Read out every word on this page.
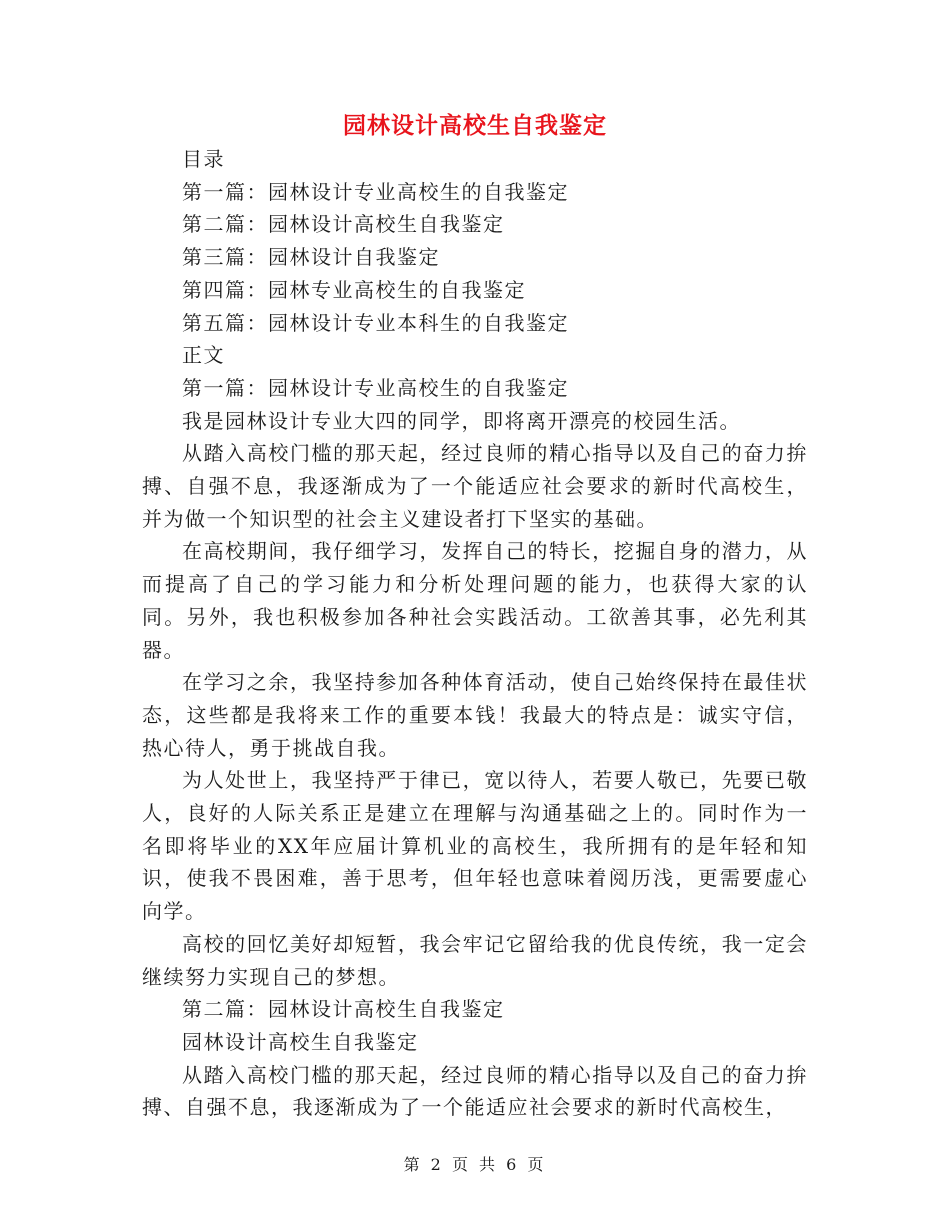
园林设计高校生自我鉴定

目录

第一篇：园林设计专业高校生的自我鉴定

第二篇：园林设计高校生自我鉴定

第三篇：园林设计自我鉴定

第四篇：园林专业高校生的自我鉴定

第五篇：园林设计专业本科生的自我鉴定

正文

第一篇：园林设计专业高校生的自我鉴定

我是园林设计专业大四的同学，即将离开漂亮的校园生活。

从踏入高校门槛的那天起，经过良师的精心指导以及自己的奋力拚搏、自强不息，我逐渐成为了一个能适应社会要求的新时代高校生，并为做一个知识型的社会主义建设者打下坚实的基础。

在高校期间，我仔细学习，发挥自己的特长，挖掘自身的潜力，从而提高了自己的学习能力和分析处理问题的能力，也获得大家的认同。另外，我也积极参加各种社会实践活动。工欲善其事，必先利其器。

在学习之余，我坚持参加各种体育活动，使自己始终保持在最佳状态，这些都是我将来工作的重要本钱！我最大的特点是：诚实守信，热心待人，勇于挑战自我。

为人处世上，我坚持严于律已，宽以待人，若要人敬已，先要已敬人，良好的人际关系正是建立在理解与沟通基础之上的。同时作为一名即将毕业的XX年应届计算机业的高校生，我所拥有的是年轻和知识，使我不畏困难，善于思考，但年轻也意味着阅历浅，更需要虚心向学。

高校的回忆美好却短暂，我会牢记它留给我的优良传统，我一定会继续努力实现自己的梦想。

第二篇：园林设计高校生自我鉴定

园林设计高校生自我鉴定

从踏入高校门槛的那天起，经过良师的精心指导以及自己的奋力拚搏、自强不息，我逐渐成为了一个能适应社会要求的新时代高校生，

第 2 页 共 6 页
